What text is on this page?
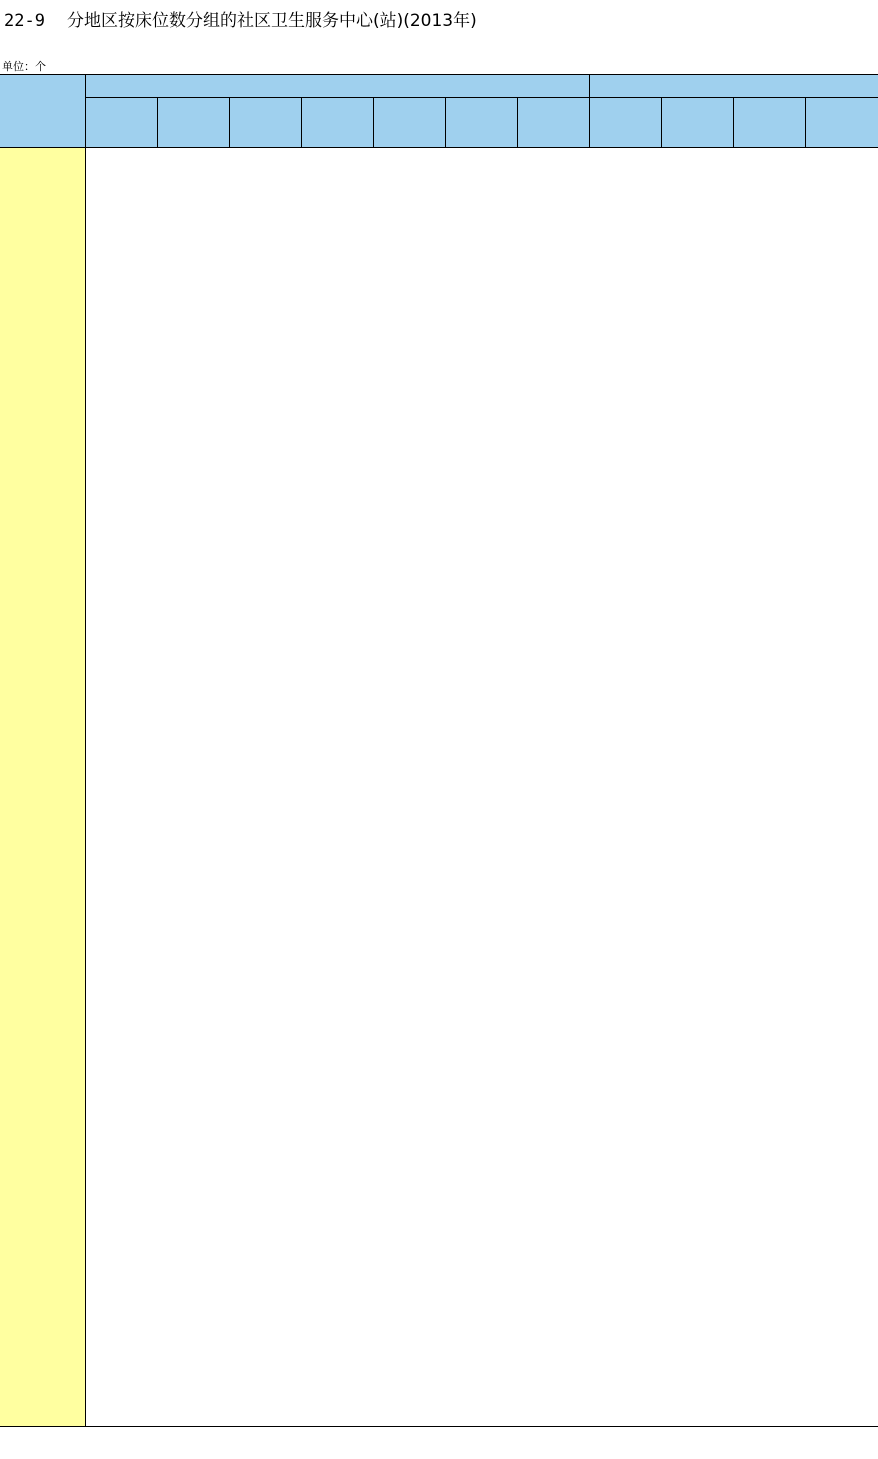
22-9 分地区按床位数分组的社区卫生服务中心(站)(2013年)
单位：个
